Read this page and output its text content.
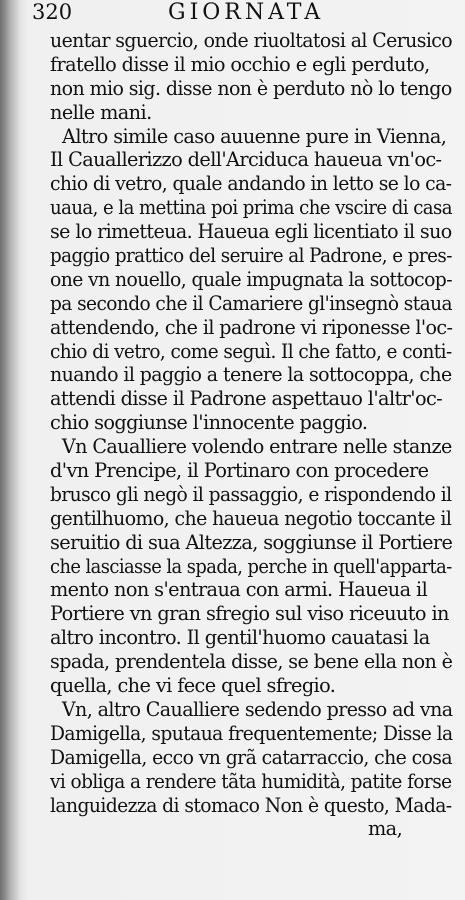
320	GIORNATA
uentar sguercio, onde riuoltatosi al Cerusico
fratello disse il mio occhio e egli perduto,
non mio sig. disse non è perduto nò lo tengo
nelle mani.
Altro simile caso auuenne pure in Vienna,
Il Cauallerizzo dell'Arciduca haueua vn'oc-
chio di vetro, quale andando in letto se lo ca-
uaua, e la mettina poi prima che vscire di casa
se lo rimetteua. Haueua egli licentiato il suo
paggio prattico del seruire al Padrone, e pres-
one vn nouello, quale impugnata la sottocop-
pa secondo che il Camariere gl'insegnò staua
attendendo, che il padrone vi riponesse l'oc-
chio di vetro, come seguì. Il che fatto, e conti-
nuando il paggio a tenere la sottocoppa, che
attendi disse il Padrone aspettauo l'altr'oc-
chio soggiunse l'innocente paggio.
Vn Caualliere volendo entrare nelle stanze
d'vn Prencipe, il Portinaro con procedere
brusco gli negò il passaggio, e rispondendo il
gentilhuomo, che haueua negotio toccante il
seruitio di sua Altezza, soggiunse il Portiere
che lasciasse la spada, perche in quell'apparta-
mento non s'entraua con armi. Haueua il
Portiere vn gran sfregio sul viso riceuuto in
altro incontro. Il gentil'huomo cauatasi la
spada, prendentela disse, se bene ella non è
quella, che vi fece quel sfregio.
Vn, altro Caualliere sedendo presso ad vna
Damigella, sputaua frequentemente; Disse la
Damigella, ecco vn grã catarraccio, che cosa
vi obliga a rendere tãta humidità, patite forse
languidezza di stomaco Non è questo, Mada-
ma,
